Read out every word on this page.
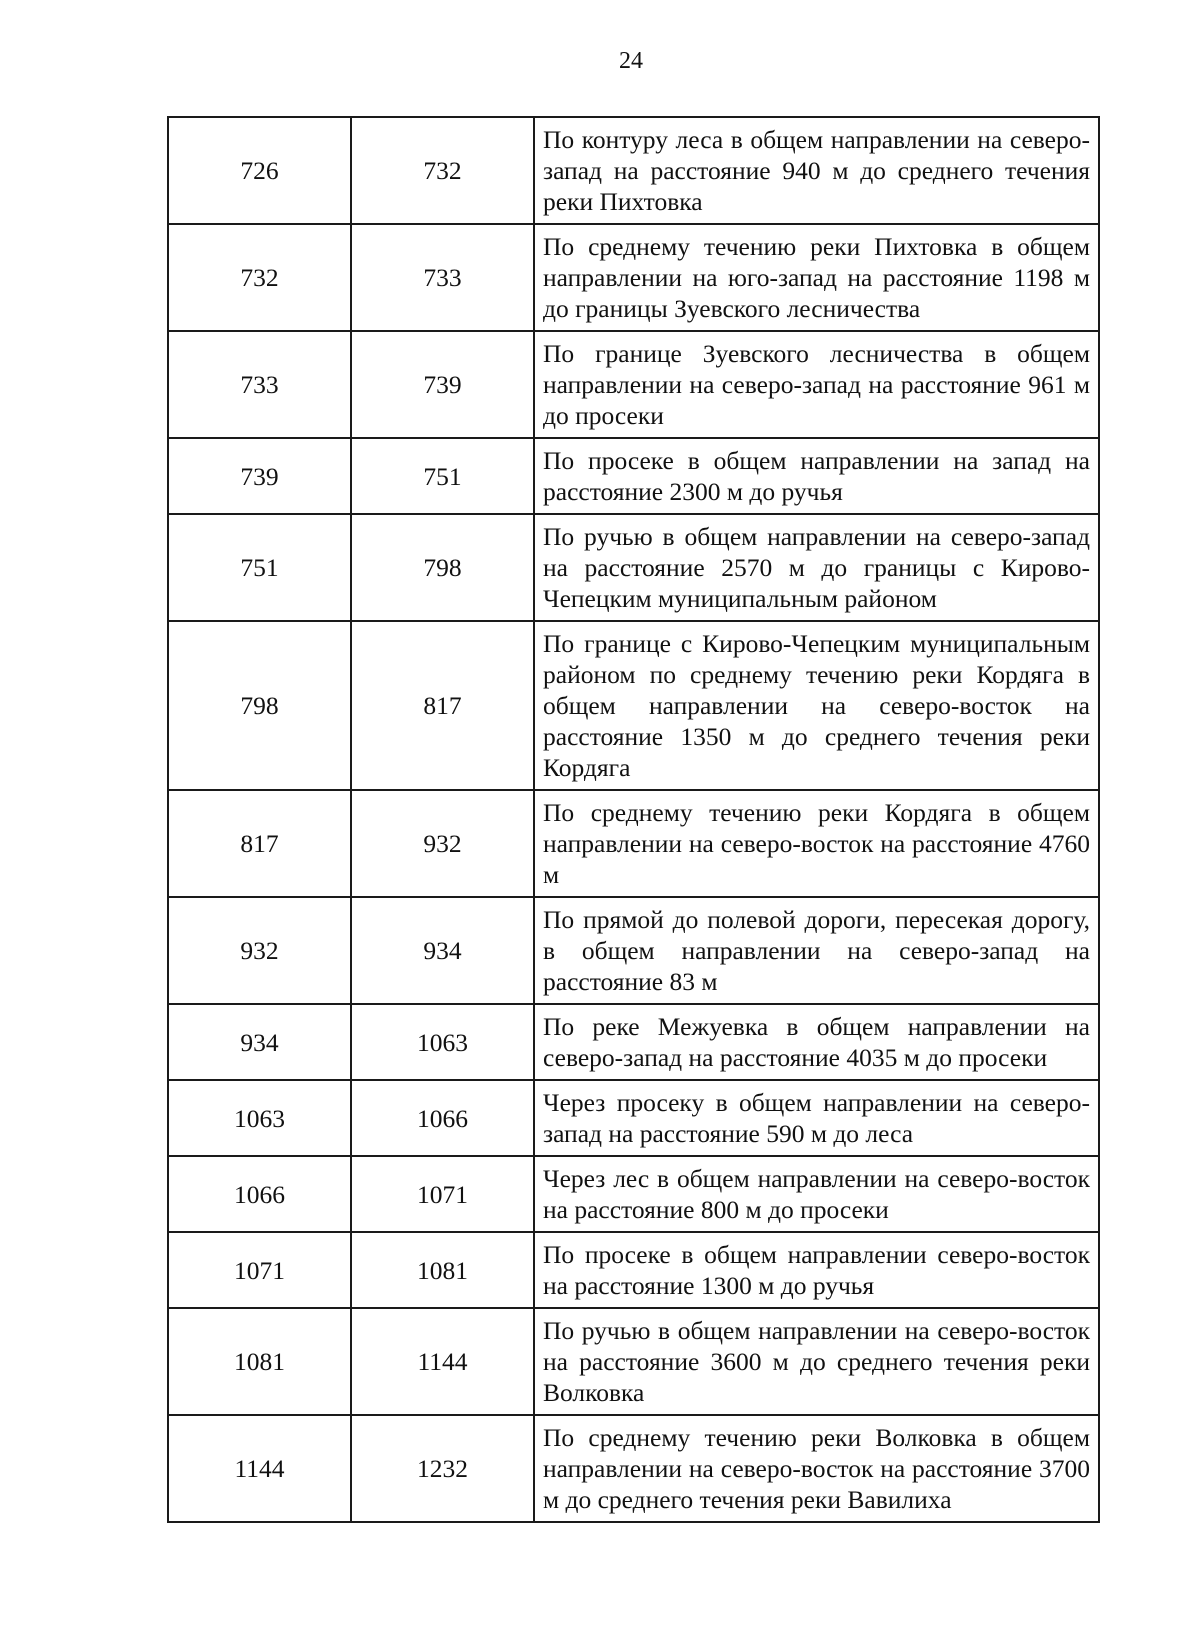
24
726	732	По контуру леса в общем направлении на северо-запад на расстояние 940 м до среднего течения реки Пихтовка
732	733	По среднему течению реки Пихтовка в общем направлении на юго-запад на расстояние 1198 м до границы Зуевского лесничества
733	739	По границе Зуевского лесничества в общем направлении на северо-запад на расстояние 961 м до просеки
739	751	По просеке в общем направлении на запад на расстояние 2300 м до ручья
751	798	По ручью в общем направлении на северо-запад на расстояние 2570 м до границы с Кирово-Чепецким муниципальным районом
798	817	По границе с Кирово-Чепецким муниципальным районом по среднему течению реки Кордяга в общем направлении на северо-восток на расстояние 1350 м до среднего течения реки Кордяга
817	932	По среднему течению реки Кордяга в общем направлении на северо-восток на расстояние 4760 м
932	934	По прямой до полевой дороги, пересекая дорогу, в общем направлении на северо-запад на расстояние 83 м
934	1063	По реке Межуевка в общем направлении на северо-запад на расстояние 4035 м до просеки
1063	1066	Через просеку в общем направлении на северо-запад на расстояние 590 м до леса
1066	1071	Через лес в общем направлении на северо-восток на расстояние 800 м до просеки
1071	1081	По просеке в общем направлении северо-восток на расстояние 1300 м до ручья
1081	1144	По ручью в общем направлении на северо-восток на расстояние 3600 м до среднего течения реки Волковка
1144	1232	По среднему течению реки Волковка в общем направлении на северо-восток на расстояние 3700 м до среднего течения реки Вавилиха
